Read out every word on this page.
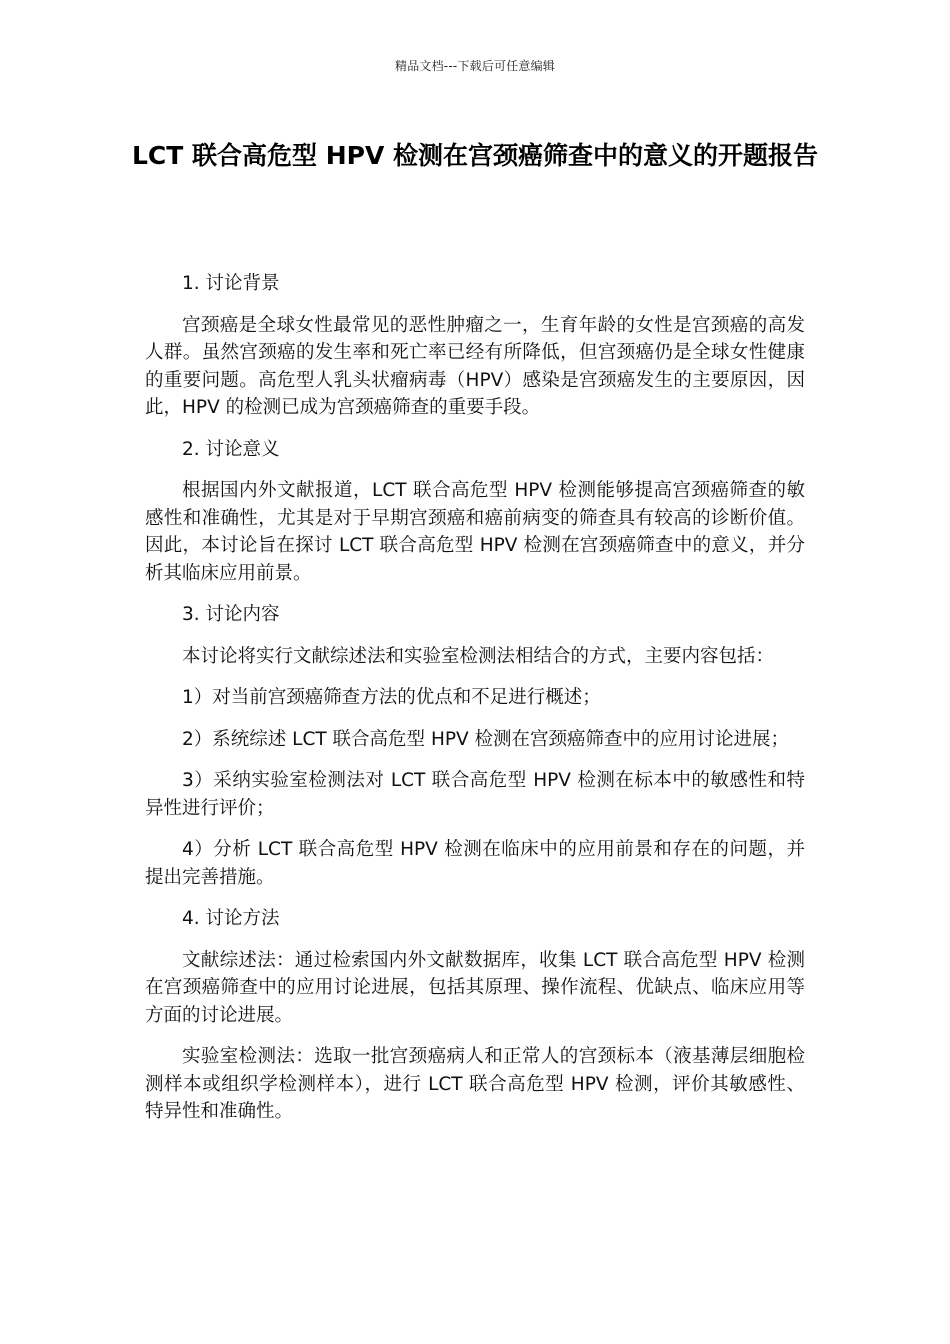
精品文档---下载后可任意编辑
LCT 联合高危型 HPV 检测在宫颈癌筛查中的意义的开题报告

1. 讨论背景

宫颈癌是全球女性最常见的恶性肿瘤之一，生育年龄的女性是宫颈癌的高发人群。虽然宫颈癌的发生率和死亡率已经有所降低，但宫颈癌仍是全球女性健康的重要问题。高危型人乳头状瘤病毒（HPV）感染是宫颈癌发生的主要原因，因此，HPV 的检测已成为宫颈癌筛查的重要手段。

2. 讨论意义

根据国内外文献报道，LCT 联合高危型 HPV 检测能够提高宫颈癌筛查的敏感性和准确性，尤其是对于早期宫颈癌和癌前病变的筛查具有较高的诊断价值。因此，本讨论旨在探讨 LCT 联合高危型 HPV 检测在宫颈癌筛查中的意义，并分析其临床应用前景。

3. 讨论内容

本讨论将实行文献综述法和实验室检测法相结合的方式，主要内容包括：

1）对当前宫颈癌筛查方法的优点和不足进行概述；

2）系统综述 LCT 联合高危型 HPV 检测在宫颈癌筛查中的应用讨论进展；

3）采纳实验室检测法对 LCT 联合高危型 HPV 检测在标本中的敏感性和特异性进行评价；

4）分析 LCT 联合高危型 HPV 检测在临床中的应用前景和存在的问题，并提出完善措施。

4. 讨论方法

文献综述法：通过检索国内外文献数据库，收集 LCT 联合高危型 HPV 检测在宫颈癌筛查中的应用讨论进展，包括其原理、操作流程、优缺点、临床应用等方面的讨论进展。

实验室检测法：选取一批宫颈癌病人和正常人的宫颈标本（液基薄层细胞检测样本或组织学检测样本），进行 LCT 联合高危型 HPV 检测，评价其敏感性、特异性和准确性。
